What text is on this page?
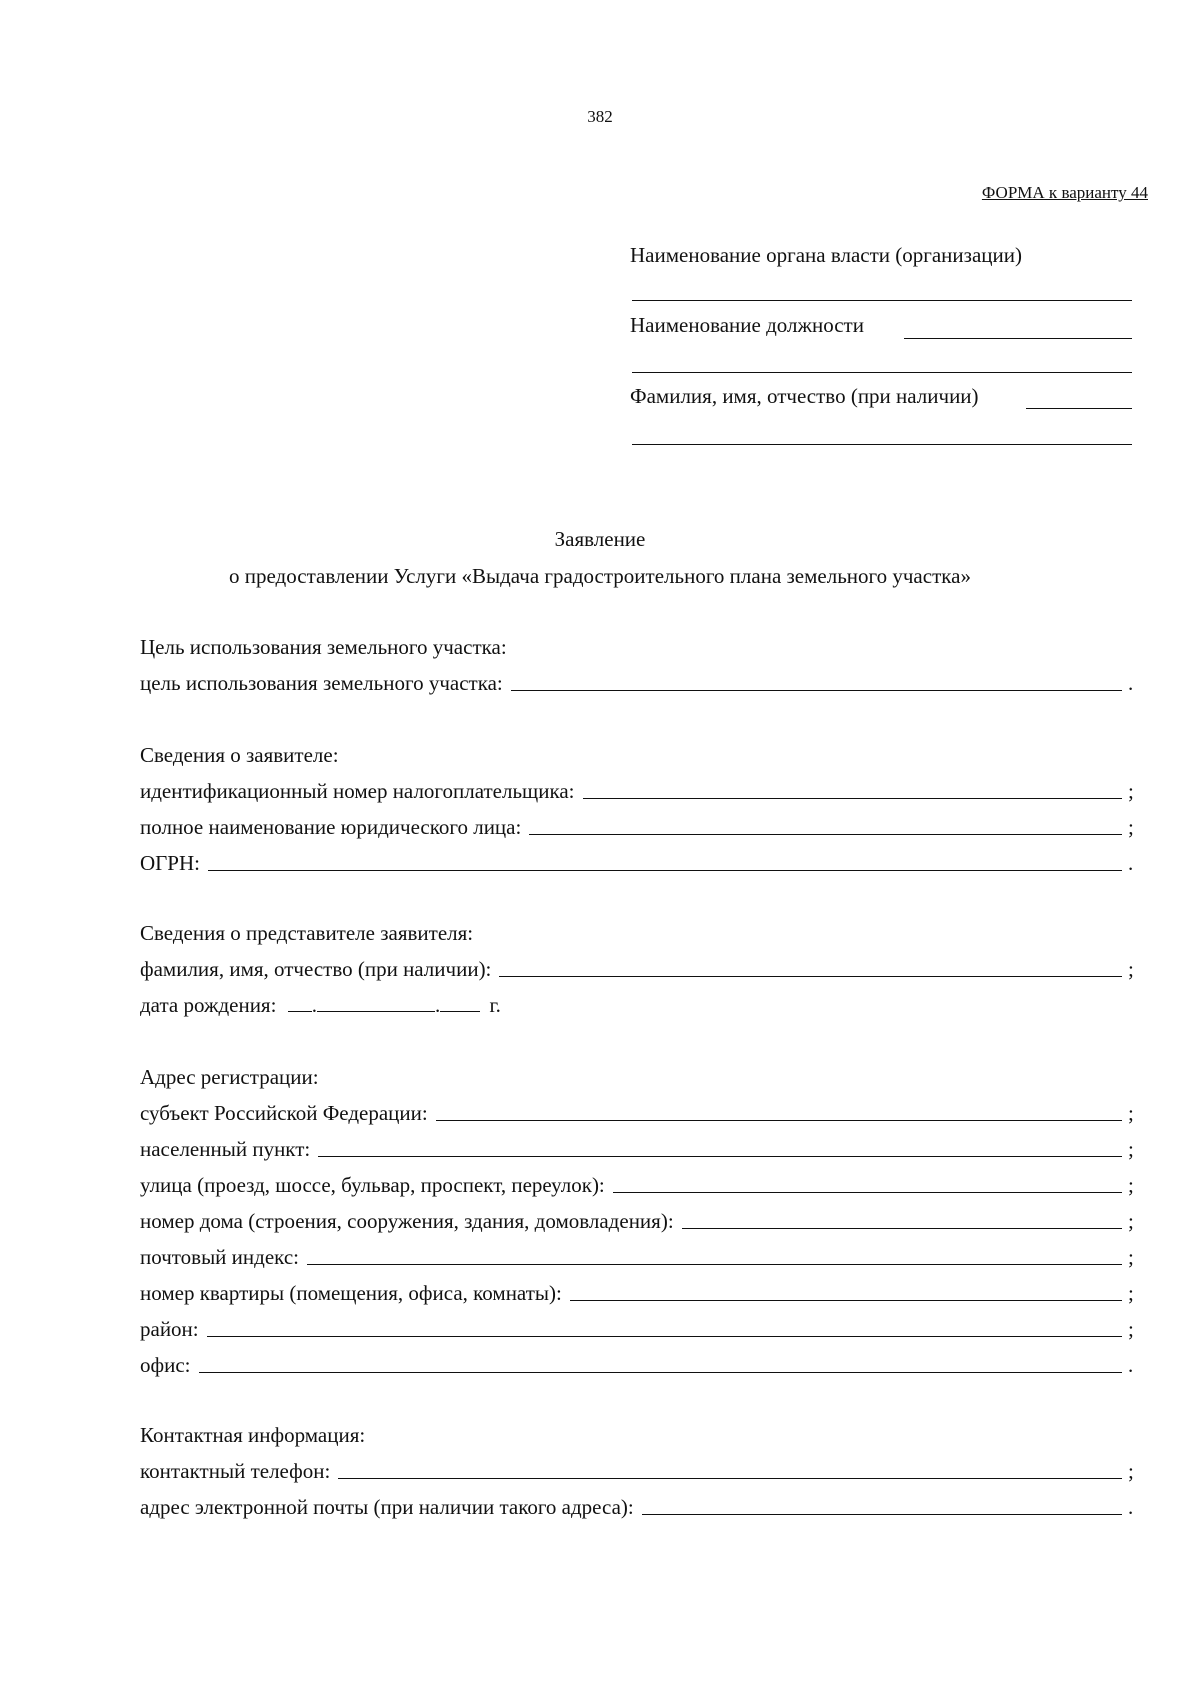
382
ФОРМА к варианту 44
Наименование органа власти (организации)
Наименование должности
Фамилия, имя, отчество (при наличии)
Заявление
о предоставлении Услуги «Выдача градостроительного плана земельного участка»
Цель использования земельного участка:
цель использования земельного участка:	.
Сведения о заявителе:
идентификационный номер налогоплательщика:	;
полное наименование юридического лица:	;
ОГРН:	.
Сведения о представителе заявителя:
фамилия, имя, отчество (при наличии):	;
дата рождения: .	. г.
Адрес регистрации:
субъект Российской Федерации:	;
населенный пункт:	;
улица (проезд, шоссе, бульвар, проспект, переулок):	;
номер дома (строения, сооружения, здания, домовладения):	;
почтовый индекс:	;
номер квартиры (помещения, офиса, комнаты):	;
район:	;
офис:	.
Контактная информация:
контактный телефон:	;
адрес электронной почты (при наличии такого адреса):	.
